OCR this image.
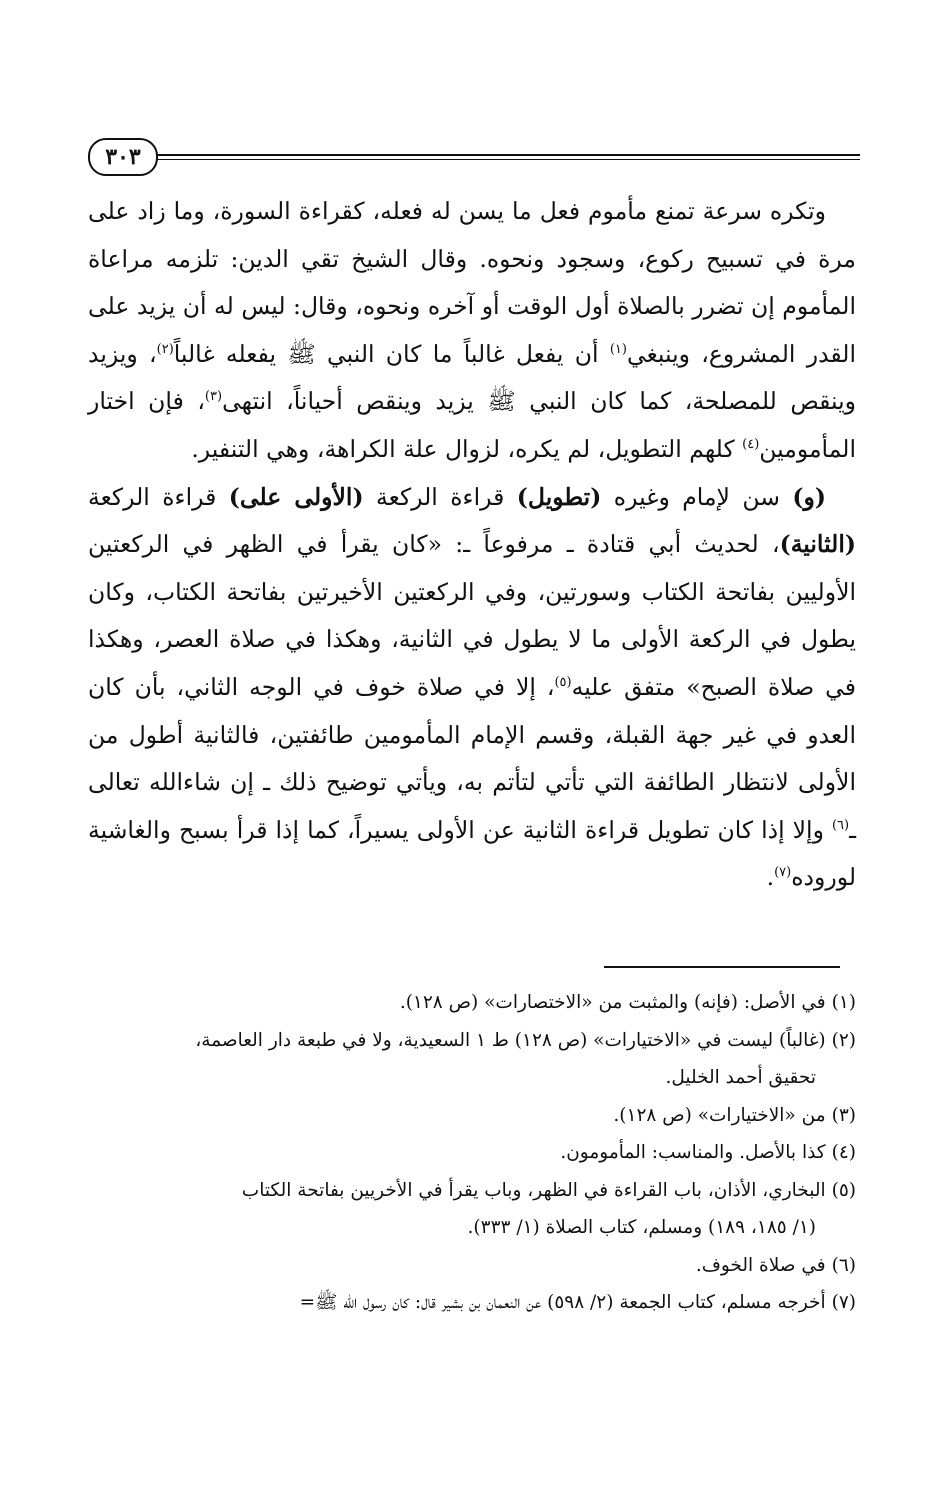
٣٠٣

وتكره سرعة تمنع مأموم فعل ما يسن له فعله، كقراءة السورة، وما زاد على مرة في تسبيح ركوع، وسجود ونحوه. وقال الشيخ تقي الدين: تلزمه مراعاة المأموم إن تضرر بالصلاة أول الوقت أو آخره ونحوه، وقال: ليس له أن يزيد على القدر المشروع، وينبغي$^{(١)}$ أن يفعل غالباً ما كان النبي ﷺ يفعله غالباً$^{(٢)}$، ويزيد وينقص للمصلحة، كما كان النبي ﷺ يزيد وينقص أحياناً، انتهى$^{(٣)}$، فإن اختار المأمومين$^{(٤)}$ كلهم التطويل، لم يكره، لزوال علة الكراهة، وهي التنفير.

(و) سن لإمام وغيره (تطويل) قراءة الركعة (الأولى على) قراءة الركعة (الثانية)، لحديث أبي قتادة ـ مرفوعاً ـ: «كان يقرأ في الظهر في الركعتين الأوليين بفاتحة الكتاب وسورتين، وفي الركعتين الأخيرتين بفاتحة الكتاب، وكان يطول في الركعة الأولى ما لا يطول في الثانية، وهكذا في صلاة العصر، وهكذا في صلاة الصبح» متفق عليه$^{(٥)}$، إلا في صلاة خوف في الوجه الثاني، بأن كان العدو في غير جهة القبلة، وقسم الإمام المأمومين طائفتين، فالثانية أطول من الأولى لانتظار الطائفة التي تأتي لتأتم به، ويأتي توضيح ذلك ـ إن شاءالله تعالى ـ$^{(٦)}$ وإلا إذا كان تطويل قراءة الثانية عن الأولى يسيراً، كما إذا قرأ بسبح والغاشية لوروده$^{(٧)}$.

(١)في الأصل: (فإنه) والمثبت من «الاختصارات» (ص ١٢٨).

(٢)(غالباً) ليست في «الاختيارات» (ص ١٢٨) ط ١ السعيدية، ولا في طبعة دار العاصمة،
تحقيق أحمد الخليل.

(٣)من «الاختيارات» (ص ١٢٨).

(٤)كذا بالأصل. والمناسب: المأمومون.

(٥)البخاري، الأذان، باب القراءة في الظهر، وباب يقرأ في الأخريين بفاتحة الكتاب
(١/ ١٨٥، ١٨٩) ومسلم، كتاب الصلاة (١/ ٣٣٣).

(٦)في صلاة الخوف.

(٧)أخرجه مسلم، كتاب الجمعة (٢/ ٥٩٨) عن النعمان بن بشير قال: كان رسول الله ﷺ=
